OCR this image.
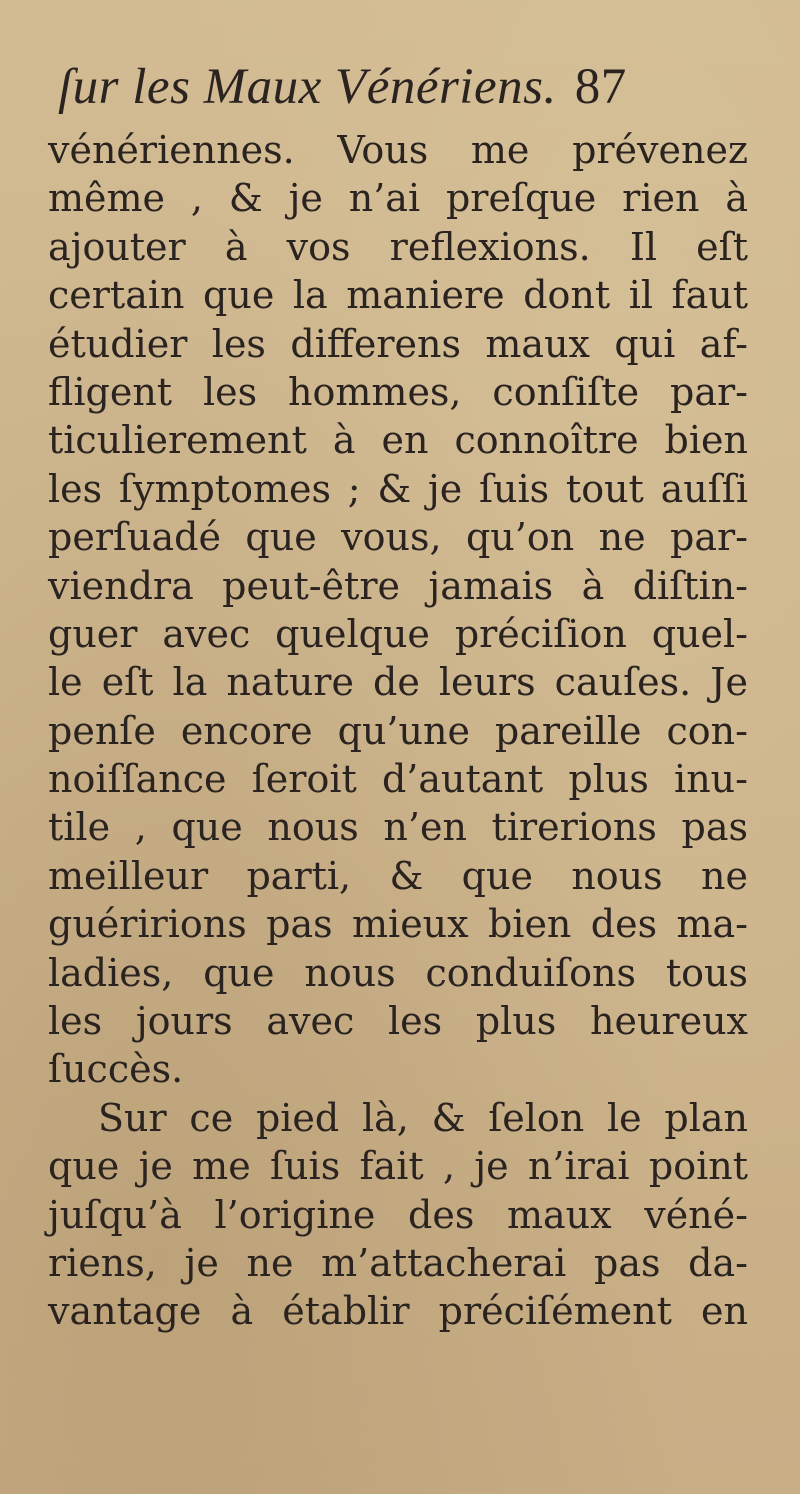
ſur les Maux Vénériens. 87
vénériennes. Vous me prévenez
même , & je n’ai preſque rien à
ajouter à vos reflexions. Il eſt
certain que la maniere dont il faut
étudier les differens maux qui af-
fligent les hommes, conſiſte par-
ticulierement à en connoître bien
les ſymptomes ; & je ſuis tout auſſi
perſuadé que vous, qu’on ne par-
viendra peut-être jamais à diſtin-
guer avec quelque préciſion quel-
le eſt la nature de leurs cauſes. Je
penſe encore qu’une pareille con-
noiſſance ſeroit d’autant plus inu-
tile , que nous n’en tirerions pas
meilleur parti, & que nous ne
guéririons pas mieux bien des ma-
ladies, que nous conduiſons tous
les jours avec les plus heureux
ſuccès.
Sur ce pied là, & ſelon le plan
que je me ſuis fait , je n’irai point
juſqu’à l’origine des maux véné-
riens, je ne m’attacherai pas da-
vantage à établir préciſément en
